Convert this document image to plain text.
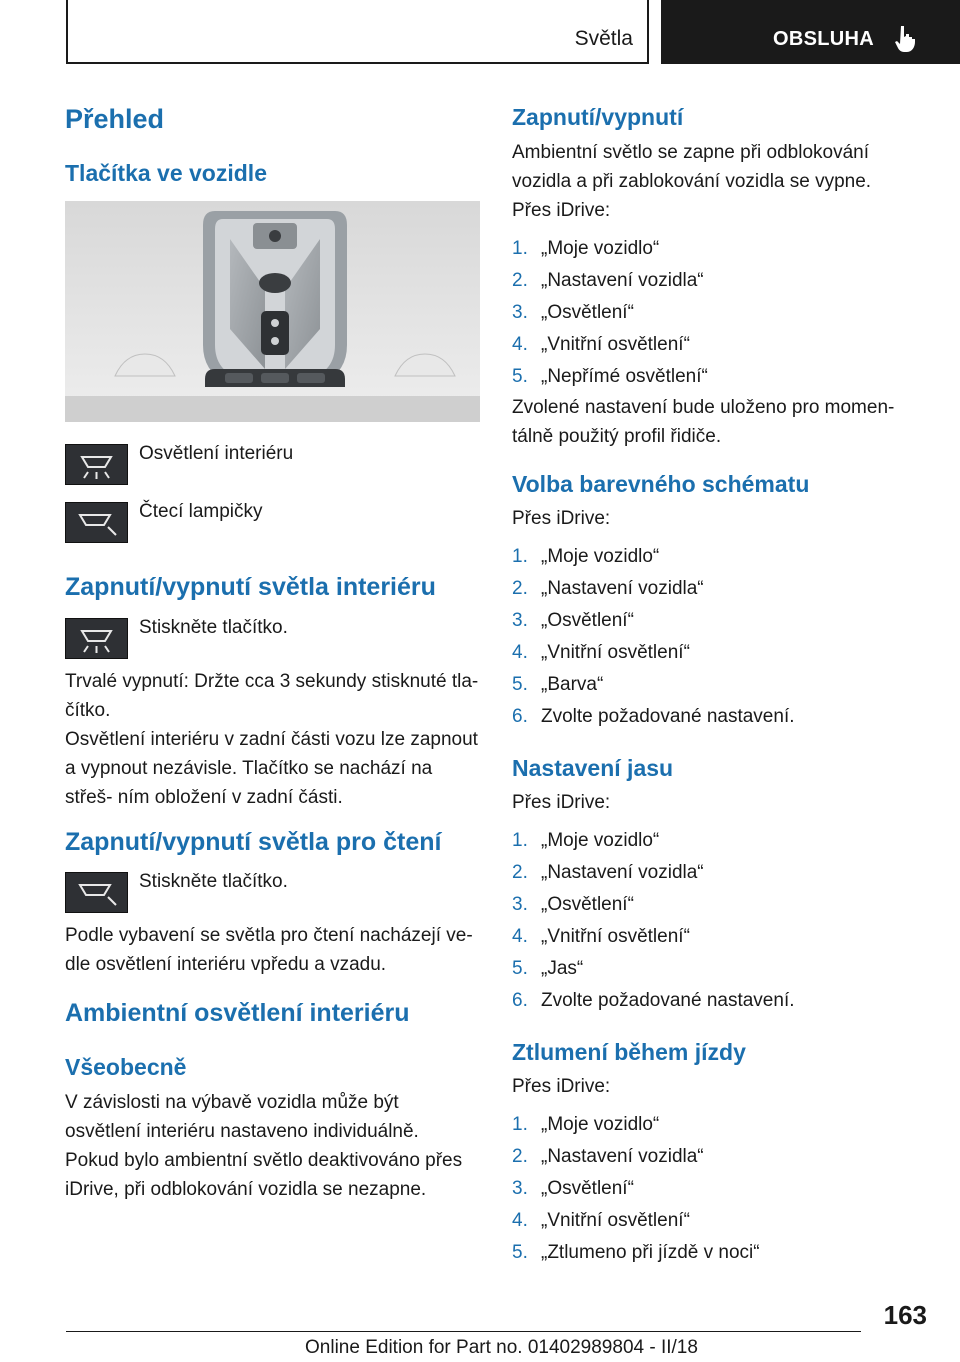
Světla	OBSLUHA
Přehled
Tlačítka ve vozidle
Osvětlení interiéru
Čtecí lampičky
Zapnutí/vypnutí světla interiéru
Stiskněte tlačítko.
Trvalé vypnutí: Držte cca 3 sekundy stisknuté tla‐ čítko.
Osvětlení interiéru v zadní části vozu lze zapnout a vypnout nezávisle. Tlačítko se nachází na střeš‐ ním obložení v zadní části.
Zapnutí/vypnutí světla pro čtení
Stiskněte tlačítko.
Podle vybavení se světla pro čtení nacházejí ve‐ dle osvětlení interiéru vpředu a vzadu.
Ambientní osvětlení interiéru
Všeobecně
V závislosti na výbavě vozidla může být osvětlení interiéru nastaveno individuálně.
Pokud bylo ambientní světlo deaktivováno přes iDrive, při odblokování vozidla se nezapne.
Zapnutí/vypnutí
Ambientní světlo se zapne při odblokování vozidla a při zablokování vozidla se vypne.
Přes iDrive:
1. „Moje vozidlo“
2. „Nastavení vozidla“
3. „Osvětlení“
4. „Vnitřní osvětlení“
5. „Nepřímé osvětlení“
Zvolené nastavení bude uloženo pro momen‐ tálně použitý profil řidiče.
Volba barevného schématu
Přes iDrive:
1. „Moje vozidlo“
2. „Nastavení vozidla“
3. „Osvětlení“
4. „Vnitřní osvětlení“
5. „Barva“
6. Zvolte požadované nastavení.
Nastavení jasu
Přes iDrive:
1. „Moje vozidlo“
2. „Nastavení vozidla“
3. „Osvětlení“
4. „Vnitřní osvětlení“
5. „Jas“
6. Zvolte požadované nastavení.
Ztlumení během jízdy
Přes iDrive:
1. „Moje vozidlo“
2. „Nastavení vozidla“
3. „Osvětlení“
4. „Vnitřní osvětlení“
5. „Ztlumeno při jízdě v noci“
163
Online Edition for Part no. 01402989804 - II/18
